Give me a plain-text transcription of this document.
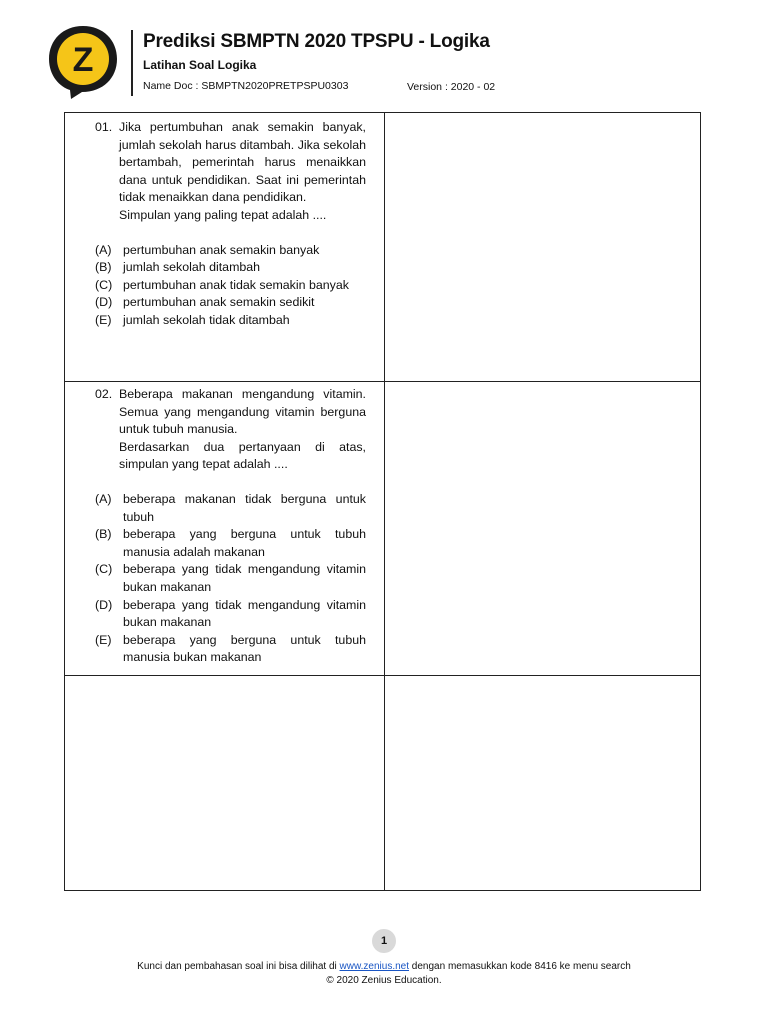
Z	Prediksi SBMPTN 2020 TPSPU - Logika
Latihan Soal Logika
Name Doc : SBMPTN2020PRETPSPU0303	Version : 2020 - 02
01. Jika pertumbuhan anak semakin banyak, jumlah sekolah harus ditambah. Jika sekolah bertambah, pemerintah harus menaikkan dana untuk pendidikan. Saat ini pemerintah tidak menaikkan dana pendidikan.

Simpulan yang paling tepat adalah ....

(A) pertumbuhan anak semakin banyak
(B) jumlah sekolah ditambah
(C) pertumbuhan anak tidak semakin banyak
(D) pertumbuhan anak semakin sedikit
(E) jumlah sekolah tidak ditambah
02. Beberapa makanan mengandung vitamin. Semua yang mengandung vitamin berguna untuk tubuh manusia.

Berdasarkan dua pertanyaan di atas, simpulan yang tepat adalah ....

(A) beberapa makanan tidak berguna untuk tubuh
(B) beberapa yang berguna untuk tubuh manusia adalah makanan
(C) beberapa yang tidak mengandung vitamin bukan makanan
(D) beberapa yang tidak mengandung vitamin bukan makanan
(E) beberapa yang berguna untuk tubuh manusia bukan makanan
1
Kunci dan pembahasan soal ini bisa dilihat di www.zenius.net dengan memasukkan kode 8416 ke menu search
© 2020 Zenius Education.
